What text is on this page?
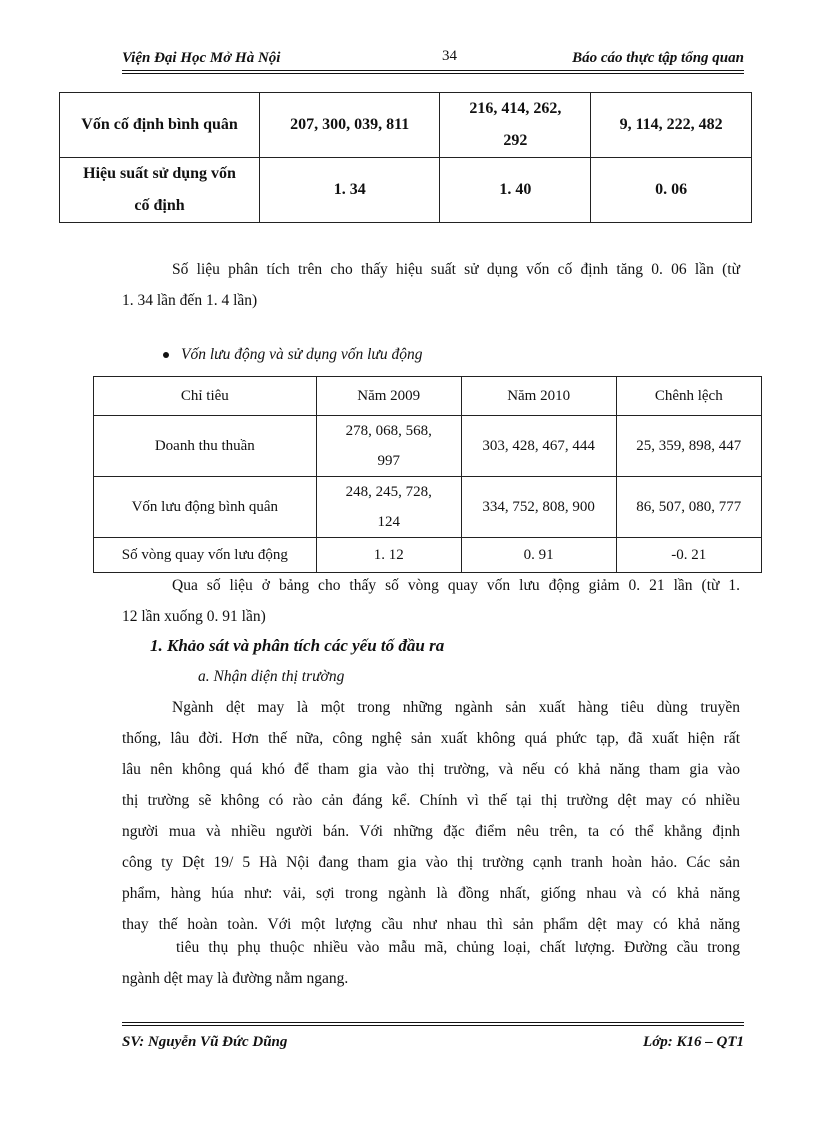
Viện Đại Học Mở Hà Nội	34	Báo cáo thực tập tổng quan
Vốn cố định bình quân	207, 300, 039, 811	216, 414, 262,
292	9, 114, 222, 482
Hiệu suất sử dụng vốn
cố định	1. 34	1. 40	0. 06
Số liệu phân tích trên cho thấy hiệu suất sử dụng vốn cố định tăng 0. 06 lần (từ
1. 34 lần đến 1. 4 lần)
Vốn lưu động và sử dụng vốn lưu động
Chỉ tiêu	Năm 2009	Năm 2010	Chênh lệch
Doanh thu thuần	278, 068, 568,
997	303, 428, 467, 444	25, 359, 898, 447
Vốn lưu động bình quân	248, 245, 728,
124	334, 752, 808, 900	86, 507, 080, 777
Số vòng quay vốn lưu động	1. 12	0. 91	-0. 21
Qua số liệu ở bảng cho thấy số vòng quay vốn lưu động giảm 0. 21 lần (từ 1.
12 lần xuống 0. 91 lần)
1. Khảo sát và phân tích các yếu tố đầu ra
a. Nhận diện thị trường
Ngành dệt may là một trong những ngành sản xuất hàng tiêu dùng truyền
thống, lâu đời. Hơn thế nữa, công nghệ sản xuất không quá phức tạp, đã xuất hiện rất
lâu nên không quá khó để tham gia vào thị trường, và nếu có khả năng tham gia vào
thị trường sẽ không có rào cản đáng kể. Chính vì thế tại thị trường dệt may có nhiều
người mua và nhiều người bán. Với những đặc điểm nêu trên, ta có thể khẳng định
công ty Dệt 19/ 5 Hà Nội đang tham gia vào thị trường cạnh tranh hoàn hảo. Các sản
phẩm, hàng húa như: vải, sợi trong ngành là đồng nhất, giống nhau và có khả năng
thay thế hoàn toàn. Với một lượng cầu như nhau thì sản phẩm dệt may có khả năng
tiêu thụ phụ thuộc nhiều vào mẫu mã, chủng loại, chất lượng. Đường cầu trong
ngành dệt may là đường nằm ngang.
SV: Nguyễn Vũ Đức Dũng	Lớp: K16 – QT1
